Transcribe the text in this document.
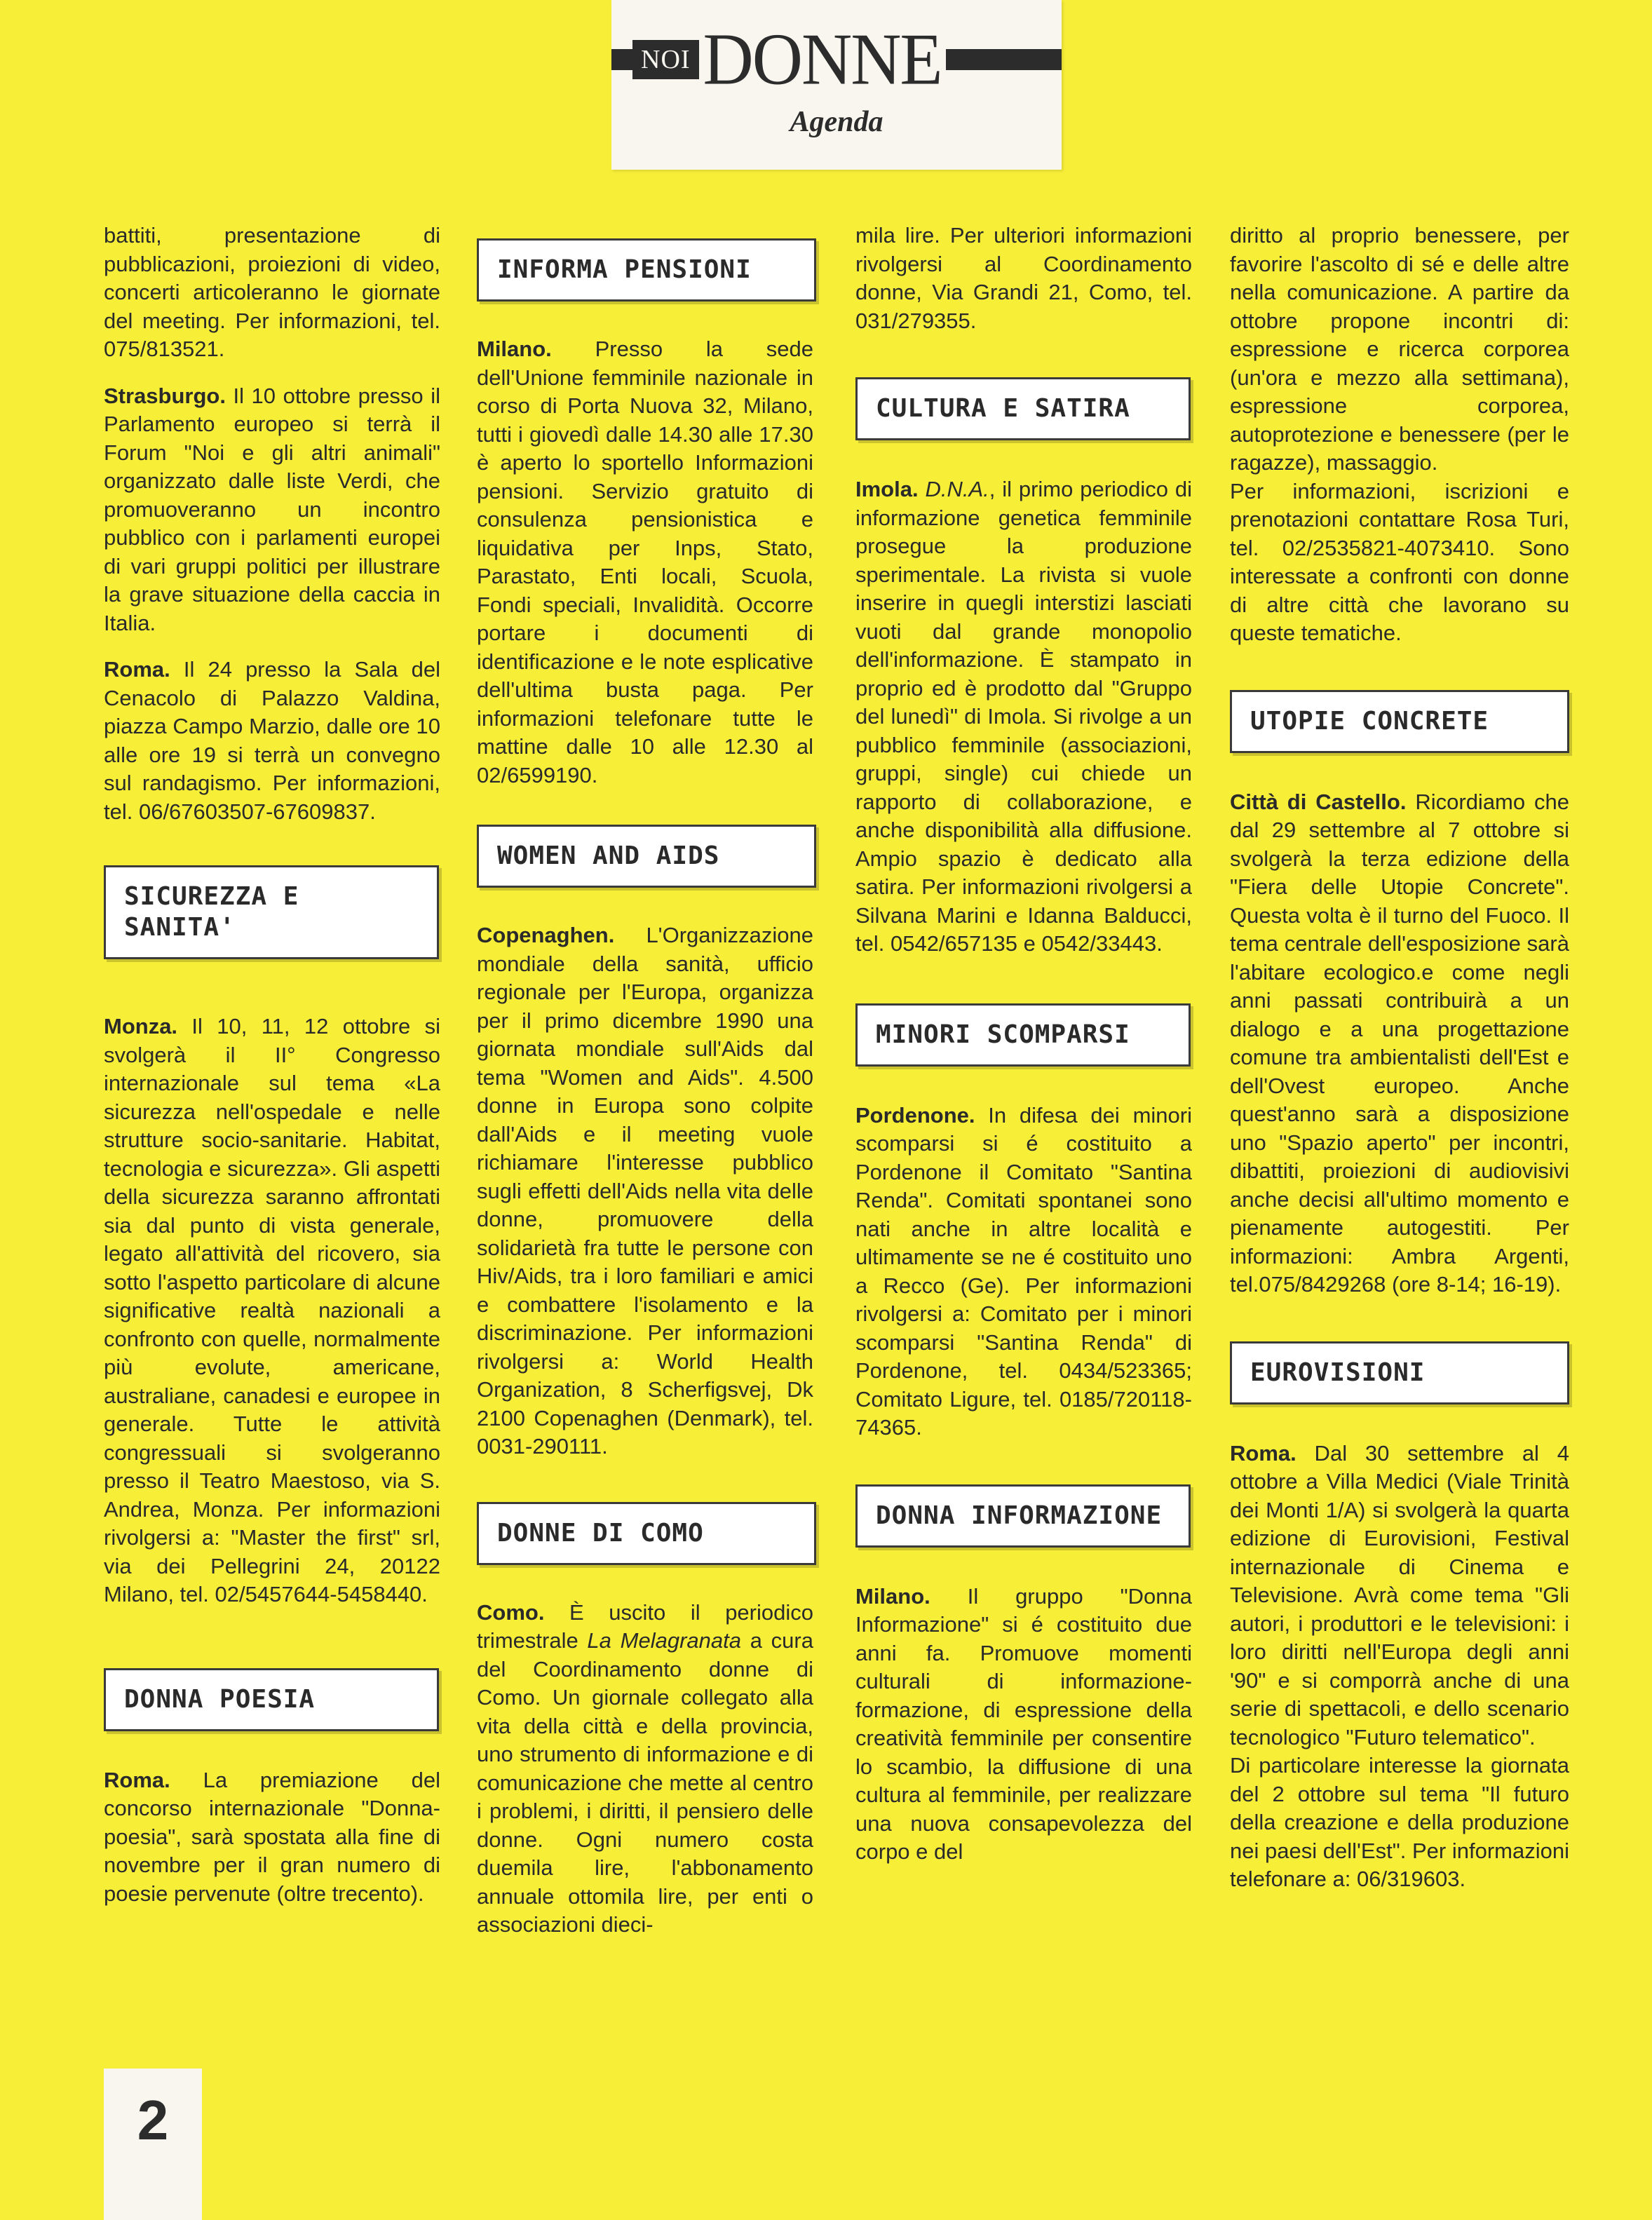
NOI DONNE
Agenda

battiti, presentazione di pubblicazioni, proiezioni di video, concerti articoleranno le giornate del meeting. Per informazioni, tel. 075/813521.

Strasburgo. Il 10 ottobre presso il Parlamento europeo si terrà il Forum "Noi e gli altri animali" organizzato dalle liste Verdi, che promuoveranno un incontro pubblico con i parlamenti europei di vari gruppi politici per illustrare la grave situazione della caccia in Italia.

Roma. Il 24 presso la Sala del Cenacolo di Palazzo Valdina, piazza Campo Marzio, dalle ore 10 alle ore 19 si terrà un convegno sul randagismo. Per informazioni, tel. 06/67603507-67609837.

SICUREZZA E SANITA'

Monza. Il 10, 11, 12 ottobre si svolgerà il II° Congresso internazionale sul tema «La sicurezza nell'ospedale e nelle strutture socio-sanitarie. Habitat, tecnologia e sicurezza». Gli aspetti della sicurezza saranno affrontati sia dal punto di vista generale, legato all'attività del ricovero, sia sotto l'aspetto particolare di alcune significative realtà nazionali a confronto con quelle, normalmente più evolute, americane, australiane, canadesi e europee in generale. Tutte le attività congressuali si svolgeranno presso il Teatro Maestoso, via S. Andrea, Monza. Per informazioni rivolgersi a: "Master the first" srl, via dei Pellegrini 24, 20122 Milano, tel. 02/5457644-5458440.

DONNA POESIA

Roma. La premiazione del concorso internazionale "Donna-poesia", sarà spostata alla fine di novembre per il gran numero di poesie pervenute (oltre trecento).

INFORMA PENSIONI

Milano. Presso la sede dell'Unione femminile nazionale in corso di Porta Nuova 32, Milano, tutti i giovedì dalle 14.30 alle 17.30 è aperto lo sportello Informazioni pensioni. Servizio gratuito di consulenza pensionistica e liquidativa per Inps, Stato, Parastato, Enti locali, Scuola, Fondi speciali, Invalidità. Occorre portare i documenti di identificazione e le note esplicative dell'ultima busta paga. Per informazioni telefonare tutte le mattine dalle 10 alle 12.30 al 02/6599190.

WOMEN AND AIDS

Copenaghen. L'Organizzazione mondiale della sanità, ufficio regionale per l'Europa, organizza per il primo dicembre 1990 una giornata mondiale sull'Aids dal tema "Women and Aids". 4.500 donne in Europa sono colpite dall'Aids e il meeting vuole richiamare l'interesse pubblico sugli effetti dell'Aids nella vita delle donne, promuovere della solidarietà fra tutte le persone con Hiv/Aids, tra i loro familiari e amici e combattere l'isolamento e la discriminazione. Per informazioni rivolgersi a: World Health Organization, 8 Scherfigsvej, Dk 2100 Copenaghen (Denmark), tel. 0031-290111.

DONNE DI COMO

Como. È uscito il periodico trimestrale La Melagranata a cura del Coordinamento donne di Como. Un giornale collegato alla vita della città e della provincia, uno strumento di informazione e di comunicazione che mette al centro i problemi, i diritti, il pensiero delle donne. Ogni numero costa duemila lire, l'abbonamento annuale ottomila lire, per enti o associazioni dieci-

mila lire. Per ulteriori informazioni rivolgersi al Coordinamento donne, Via Grandi 21, Como, tel. 031/279355.

CULTURA E SATIRA

Imola. D.N.A., il primo periodico di informazione genetica femminile prosegue la produzione sperimentale. La rivista si vuole inserire in quegli interstizi lasciati vuoti dal grande monopolio dell'informazione. È stampato in proprio ed è prodotto dal "Gruppo del lunedì" di Imola. Si rivolge a un pubblico femminile (associazioni, gruppi, single) cui chiede un rapporto di collaborazione, e anche disponibilità alla diffusione. Ampio spazio è dedicato alla satira. Per informazioni rivolgersi a Silvana Marini e Idanna Balducci, tel. 0542/657135 e 0542/33443.

MINORI SCOMPARSI

Pordenone. In difesa dei minori scomparsi si é costituito a Pordenone il Comitato "Santina Renda". Comitati spontanei sono nati anche in altre località e ultimamente se ne é costituito uno a Recco (Ge). Per informazioni rivolgersi a: Comitato per i minori scomparsi "Santina Renda" di Pordenone, tel. 0434/523365; Comitato Ligure, tel. 0185/720118-74365.

DONNA INFORMAZIONE

Milano. Il gruppo "Donna Informazione" si é costituito due anni fa. Promuove momenti culturali di informazione-formazione, di espressione della creatività femminile per consentire lo scambio, la diffusione di una cultura al femminile, per realizzare una nuova consapevolezza del corpo e del

diritto al proprio benessere, per favorire l'ascolto di sé e delle altre nella comunicazione. A partire da ottobre propone incontri di: espressione e ricerca corporea (un'ora e mezzo alla settimana), espressione corporea, autoprotezione e benessere (per le ragazze), massaggio.

Per informazioni, iscrizioni e prenotazioni contattare Rosa Turi, tel. 02/2535821-4073410. Sono interessate a confronti con donne di altre città che lavorano su queste tematiche.

UTOPIE CONCRETE

Città di Castello. Ricordiamo che dal 29 settembre al 7 ottobre si svolgerà la terza edizione della "Fiera delle Utopie Concrete". Questa volta è il turno del Fuoco. Il tema centrale dell'esposizione sarà l'abitare ecologico.e come negli anni passati contribuirà a un dialogo e a una progettazione comune tra ambientalisti dell'Est e dell'Ovest europeo. Anche quest'anno sarà a disposizione uno "Spazio aperto" per incontri, dibattiti, proiezioni di audiovisivi anche decisi all'ultimo momento e pienamente autogestiti. Per informazioni: Ambra Argenti, tel.075/8429268 (ore 8-14; 16-19).

EUROVISIONI

Roma. Dal 30 settembre al 4 ottobre a Villa Medici (Viale Trinità dei Monti 1/A) si svolgerà la quarta edizione di Eurovisioni, Festival internazionale di Cinema e Televisione. Avrà come tema "Gli autori, i produttori e le televisioni: i loro diritti nell'Europa degli anni '90" e si comporrà anche di una serie di spettacoli, e dello scenario tecnologico "Futuro telematico".

Di particolare interesse la giornata del 2 ottobre sul tema "Il futuro della creazione e della produzione nei paesi dell'Est". Per informazioni telefonare a: 06/319603.

2
